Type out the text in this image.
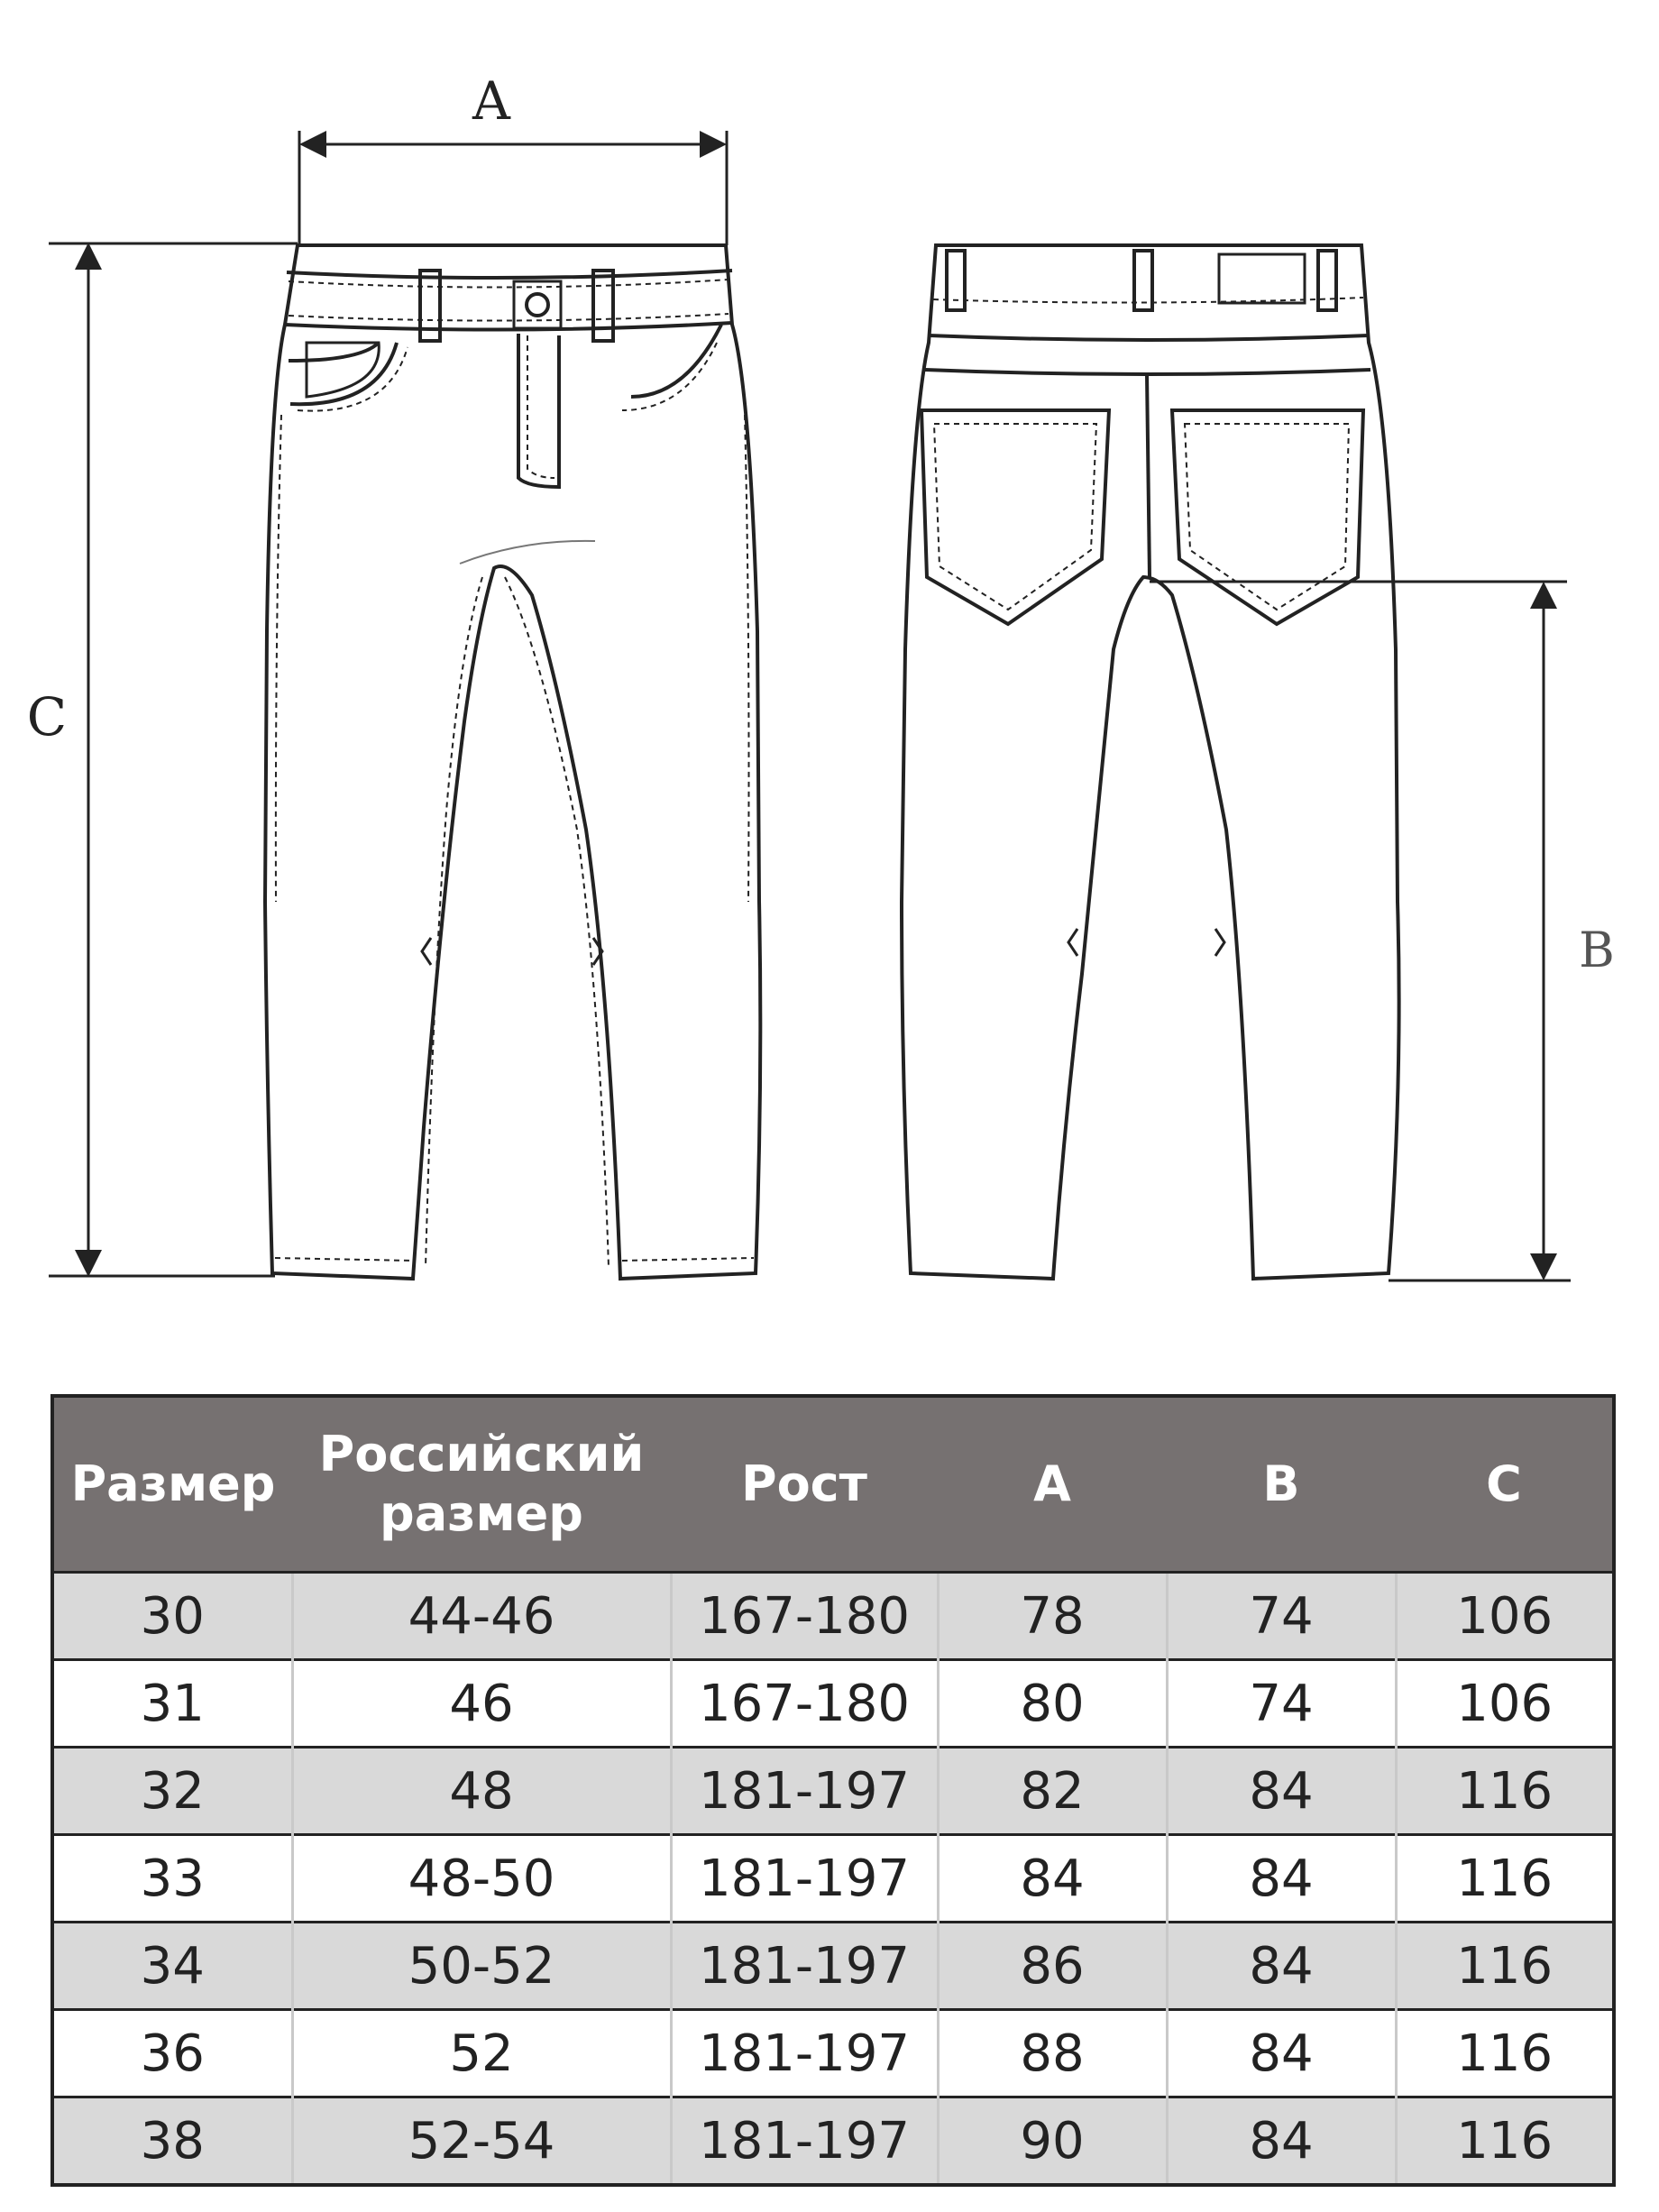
A
C
B
Размер	Российский размер	Рост	A	B	C
30	44-46	167-180	78	74	106
31	46	167-180	80	74	106
32	48	181-197	82	84	116
33	48-50	181-197	84	84	116
34	50-52	181-197	86	84	116
36	52	181-197	88	84	116
38	52-54	181-197	90	84	116
